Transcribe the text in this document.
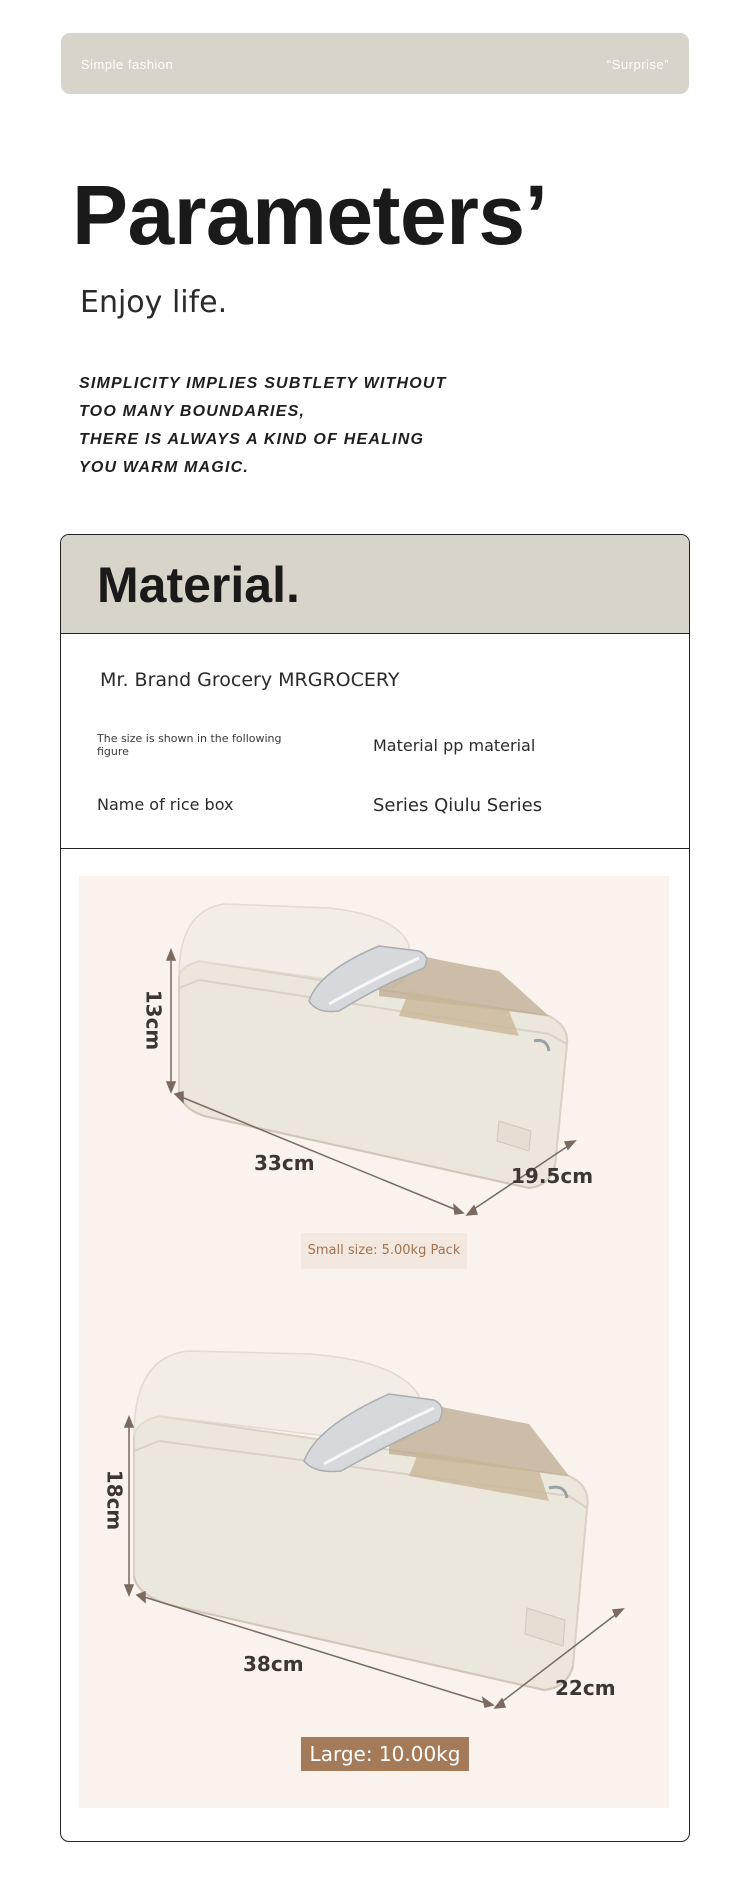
Simple fashion	“Surprise”
Parameters’

Enjoy life.

SIMPLICITY IMPLIES SUBTLETY WITHOUT
TOO MANY BOUNDARIES,
THERE IS ALWAYS A KIND OF HEALING
YOU WARM MAGIC.
Material.

Mr. Brand Grocery MRGROCERY

The size is shown in the following figure	Material pp material

Name of rice box	Series Qiulu Series

13cm
33cm
19.5cm
Small size: 5.00kg Pack
18cm
38cm
22cm
Large: 10.00kg
